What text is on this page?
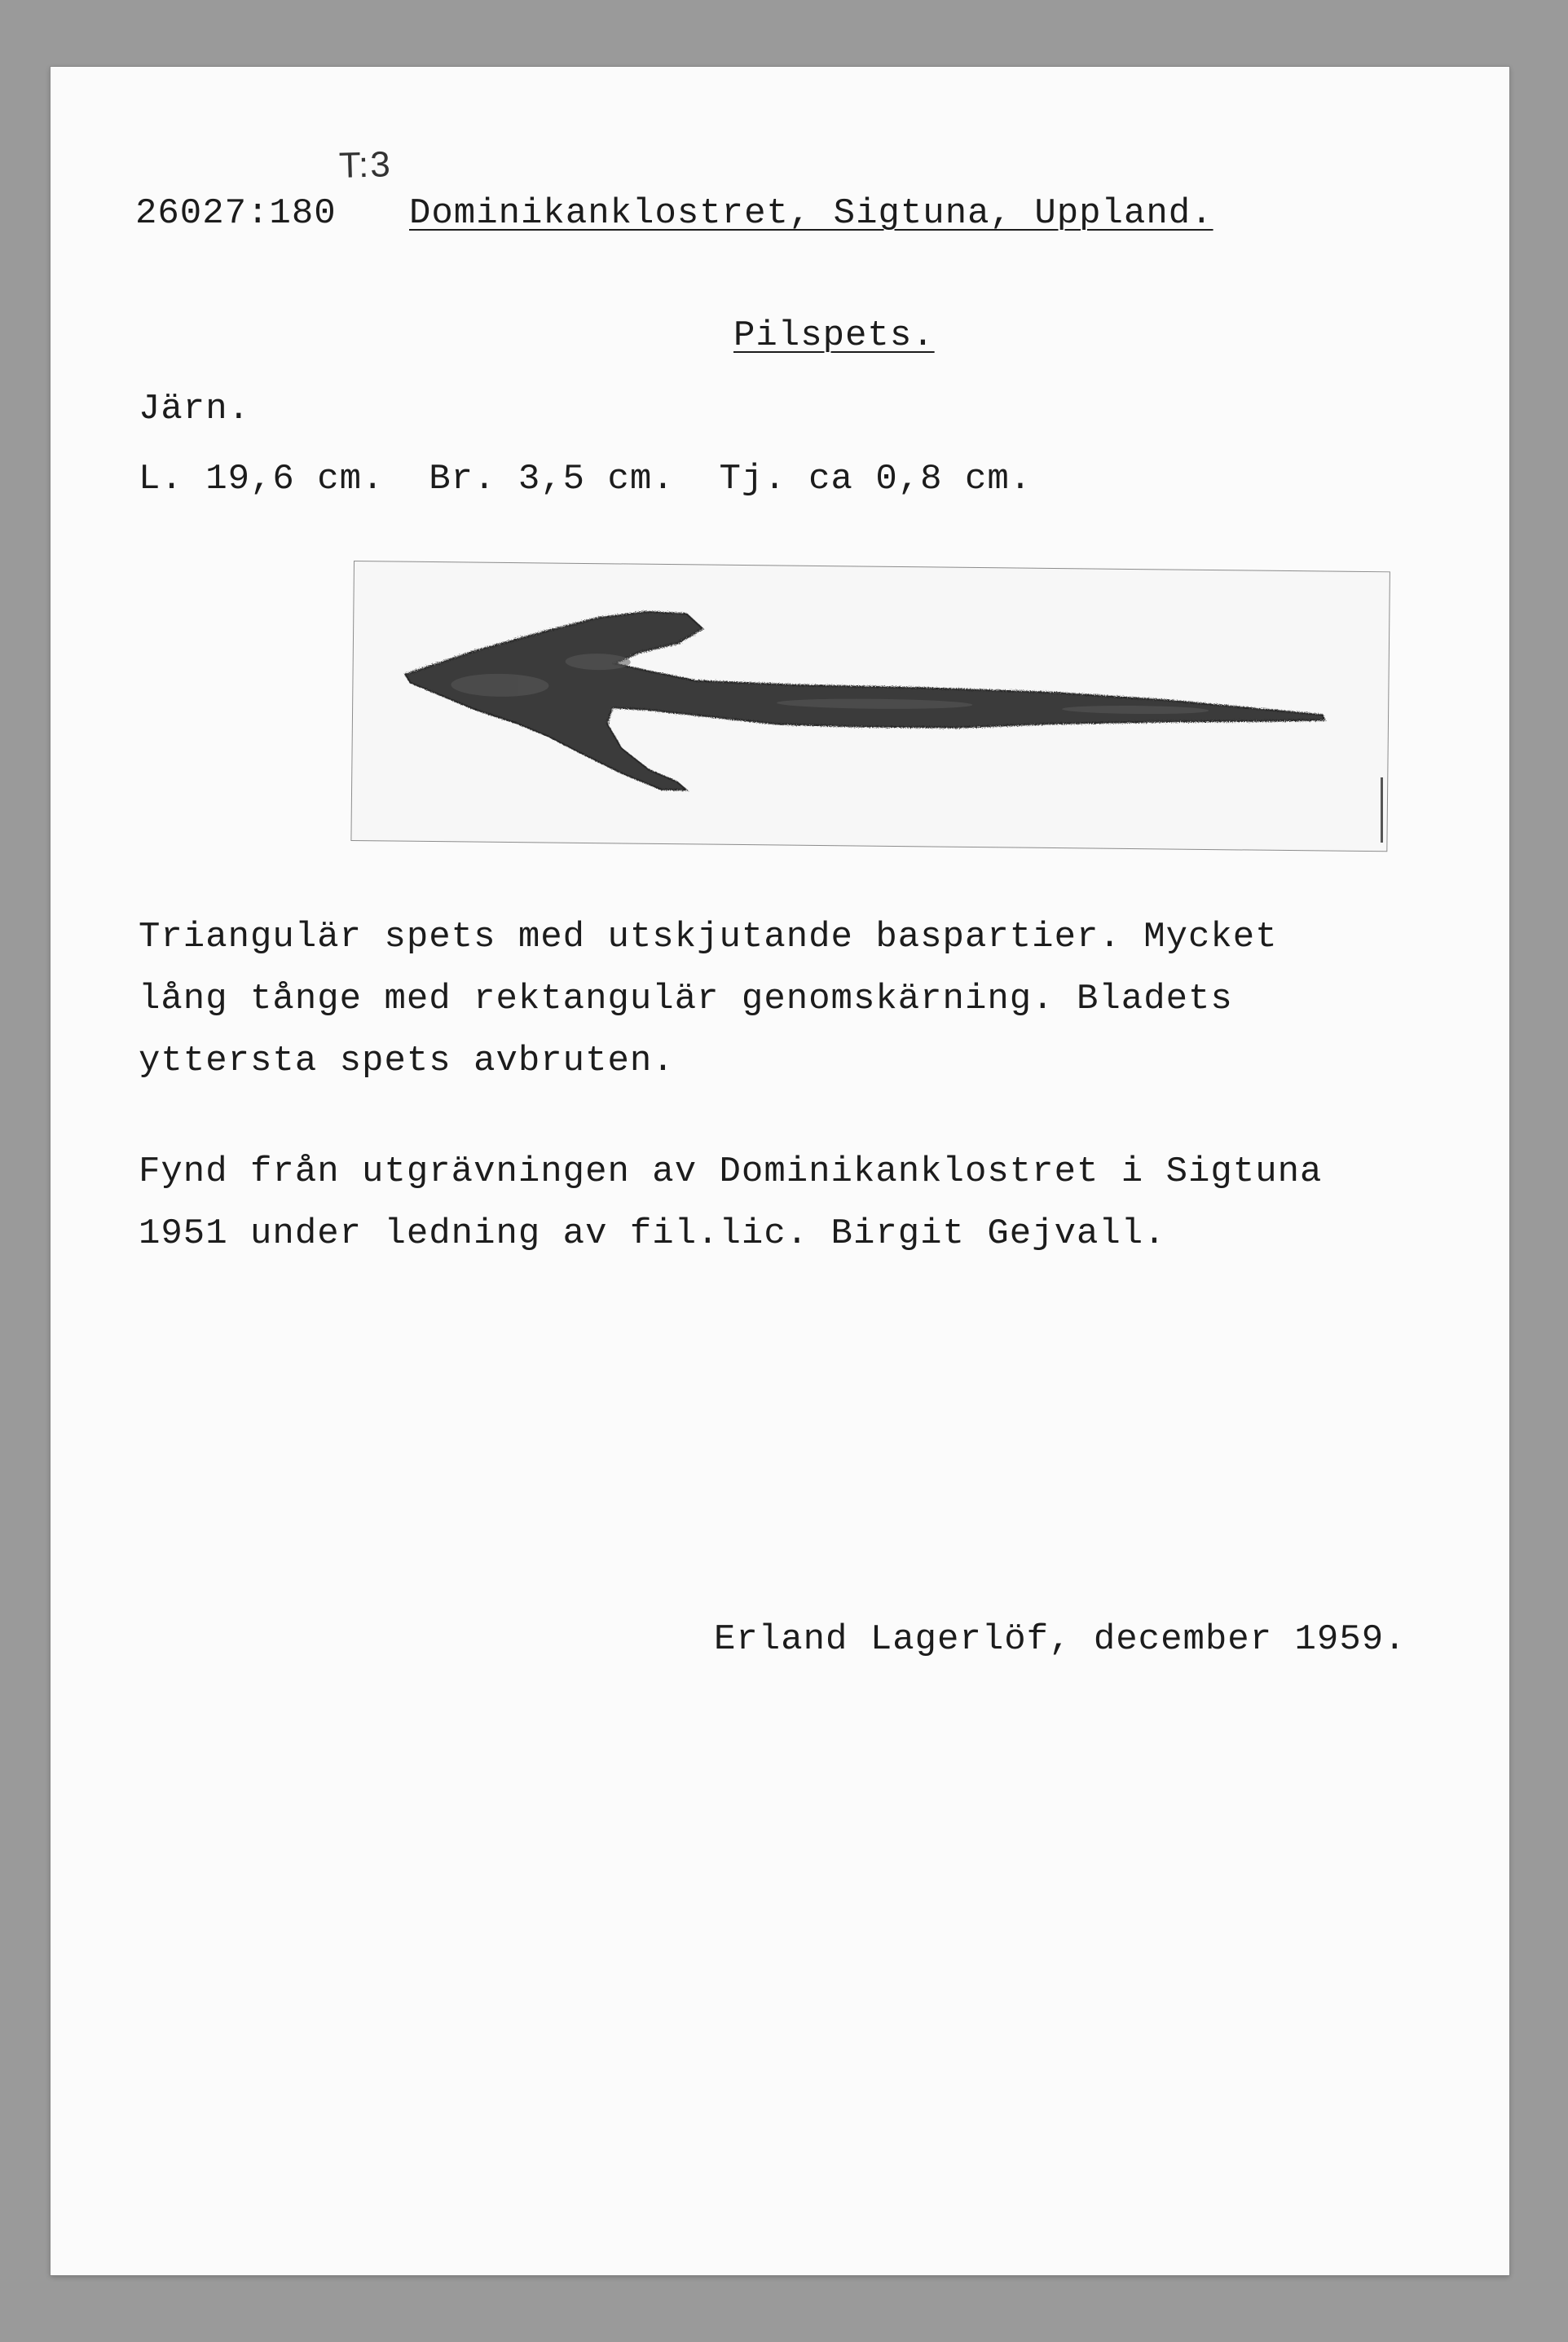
T:3
26027:180 Dominikanklostret, Sigtuna, Uppland.
Pilspets.
Järn.
L. 19,6 cm.  Br. 3,5 cm.  Tj. ca 0,8 cm.
Triangulär spets med utskjutande baspartier. Mycket
lång tånge med rektangulär genomskärning. Bladets
yttersta spets avbruten.
Fynd från utgrävningen av Dominikanklostret i Sigtuna
1951 under ledning av fil.lic. Birgit Gejvall.
Erland Lagerlöf, december 1959.
